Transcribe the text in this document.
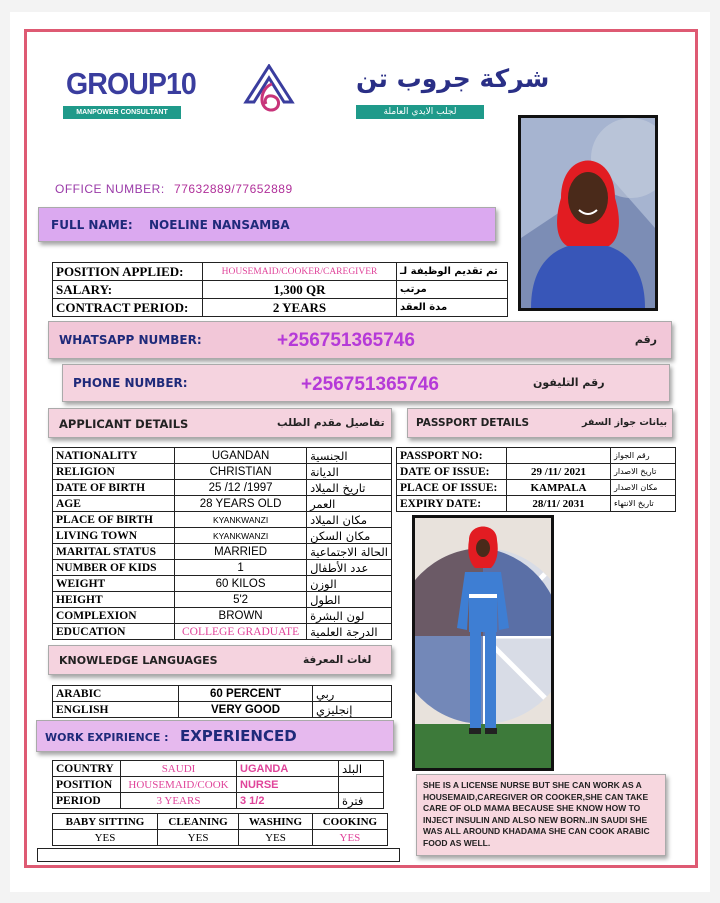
GROUP10
MANPOWER CONSULTANT
شركة جروب تن
لجلب الايدي العاملة
OFFICE NUMBER: 77632889/77652889
FULL NAME: NOELINE NANSAMBA
POSITION APPLIED:	HOUSEMAID/COOKER/CAREGIVER	تم تقديم الوظيفة لـ
SALARY:	1,300 QR	مرتب
CONTRACT PERIOD:	2 YEARS	مدة العقد
WHATSAPP NUMBER:	+256751365746	رقم
PHONE NUMBER:	+256751365746	رقم التليفون
APPLICANT DETAILS	تفاصيل مقدم الطلب	PASSPORT DETAILS	بيانات جواز السفر
NATIONALITY	UGANDAN	الجنسية
RELIGION	CHRISTIAN	الديانة
DATE OF BIRTH	25 /12 /1997	تاريخ الميلاد
AGE	28 YEARS OLD	العمر
PLACE OF BIRTH	KYANKWANZI	مكان الميلاد
LIVING TOWN	KYANKWANZI	مكان السكن
MARITAL STATUS	MARRIED	الحالة الاجتماعية
NUMBER OF KIDS	1	عدد الأطفال
WEIGHT	60 KILOS	الوزن
HEIGHT	5'2	الطول
COMPLEXION	BROWN	لون البشرة
EDUCATION	COLLEGE GRADUATE	الدرجة العلمية
PASSPORT NO:		رقم الجواز
DATE OF ISSUE:	29 /11/ 2021	تاريخ الاصدار
PLACE OF ISSUE:	KAMPALA	مكان الاصدار
EXPIRY DATE:	28/11/ 2031	تاريخ الانتهاء
KNOWLEDGE LANGUAGES	لغات المعرفة
ARABIC	60 PERCENT	ربي
ENGLISH	VERY GOOD	إنجليزي
WORK EXPIRIENCE : EXPERIENCED
COUNTRY	SAUDI	UGANDA	البلد
POSITION	HOUSEMAID/COOK	NURSE	
PERIOD	3 YEARS	3 1/2	فترة
BABY SITTING	CLEANING	WASHING	COOKING
YES	YES	YES	YES
SHE IS A LICENSE NURSE BUT SHE CAN WORK AS A HOUSEMAID,CAREGIVER OR COOKER,SHE CAN TAKE CARE OF OLD MAMA BECAUSE SHE KNOW HOW TO INJECT INSULIN AND ALSO NEW BORN..IN SAUDI SHE WAS ALL AROUND KHADAMA SHE CAN COOK ARABIC FOOD AS WELL.
